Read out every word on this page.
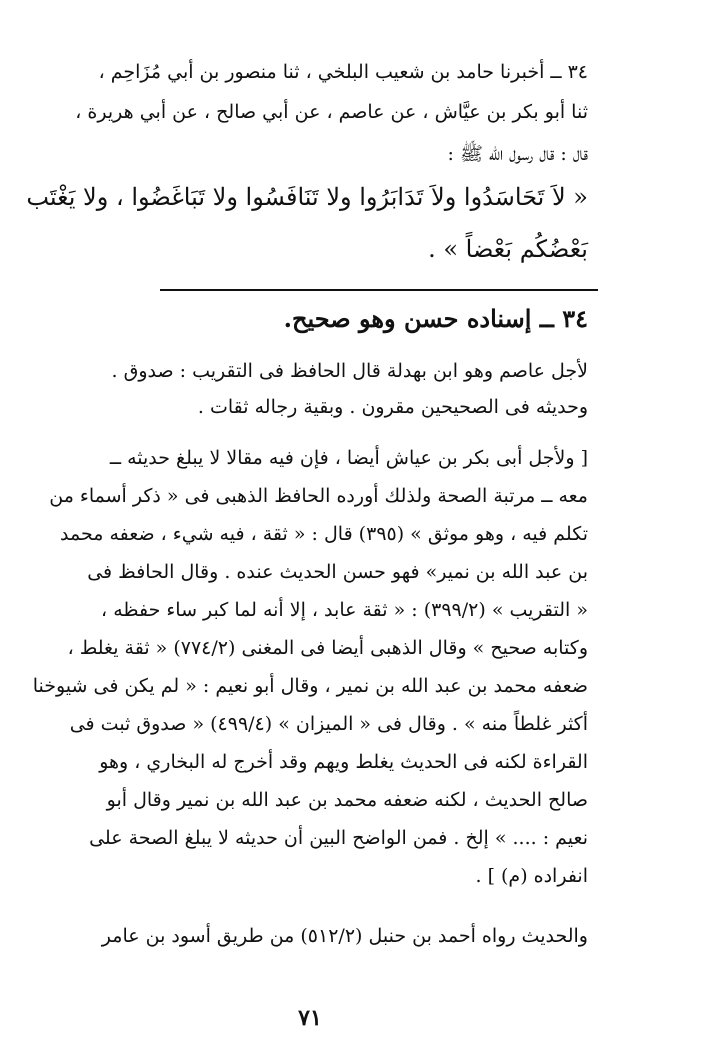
٣٤ ــ أخبرنا حامد بن شعيب البلخي ، ثنا منصور بن أبي مُزَاحِم ،
ثنا أبو بكر بن عيَّاش ، عن عاصم ، عن أبي صالح ، عن أبي هريرة ،
قال : قال رسول الله ﷺ :
« لاَ تَحَاسَدُوا ولاَ تَدَابَرُوا ولا تَنَافَسُوا ولا تَبَاغَضُوا ، ولا يَغْتَب
بَعْضُكُم بَعْضاً » .
٣٤ ــ إسناده حسن وهو صحيح.
لأجل عاصم وهو ابن بهدلة قال الحافظ فى التقريب : صدوق .
وحديثه فى الصحيحين مقرون . وبقية رجاله ثقات .
[ ولأجل أبى بكر بن عياش أيضا ، فإن فيه مقالا لا يبلغ حديثه ــ
معه ــ مرتبة الصحة ولذلك أورده الحافظ الذهبى فى « ذكر أسماء من
تكلم فيه ، وهو موثق » (٣٩٥) قال : « ثقة ، فيه شيء ، ضعفه محمد
بن عبد الله بن نمير» فهو حسن الحديث عنده . وقال الحافظ فى
« التقريب » (٣٩٩/٢) : « ثقة عابد ، إلا أنه لما كبر ساء حفظه ،
وكتابه صحيح » وقال الذهبى أيضا فى المغنى (٧٧٤/٢) « ثقة يغلط ،
ضعفه محمد بن عبد الله بن نمير ، وقال أبو نعيم : « لم يكن فى شيوخنا
أكثر غلطاً منه » . وقال فى « الميزان » (٤٩٩/٤) « صدوق ثبت فى
القراءة لكنه فى الحديث يغلط ويهم وقد أخرج له البخاري ، وهو
صالح الحديث ، لكنه ضعفه محمد بن عبد الله بن نمير وقال أبو
نعيم : .... » إلخ . فمن الواضح البين أن حديثه لا يبلغ الصحة على
انفراده (م) ] .
والحديث رواه أحمد بن حنبل (٥١٢/٢) من طريق أسود بن عامر
٧١
